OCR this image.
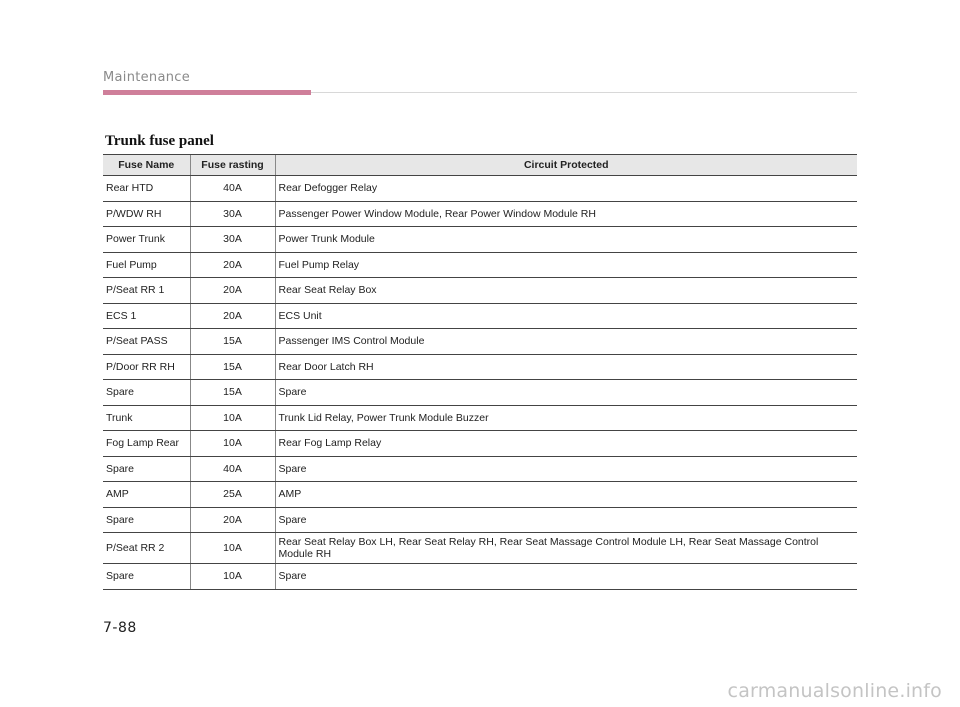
Maintenance
Trunk fuse panel
Fuse Name	Fuse rasting	Circuit Protected
Rear HTD	40A	Rear Defogger Relay
P/WDW RH	30A	Passenger Power Window Module, Rear Power Window Module RH
Power Trunk	30A	Power Trunk Module
Fuel Pump	20A	Fuel Pump Relay
P/Seat RR 1	20A	Rear Seat Relay Box
ECS 1	20A	ECS Unit
P/Seat PASS	15A	Passenger IMS Control Module
P/Door RR RH	15A	Rear Door Latch RH
Spare	15A	Spare
Trunk	10A	Trunk Lid Relay, Power Trunk Module Buzzer
Fog Lamp Rear	10A	Rear Fog Lamp Relay
Spare	40A	Spare
AMP	25A	AMP
Spare	20A	Spare
P/Seat RR 2	10A	Rear Seat Relay Box LH, Rear Seat Relay RH, Rear Seat Massage Control Module LH, Rear Seat Massage Control Module RH
Spare	10A	Spare
7-88
carmanualsonline.info
